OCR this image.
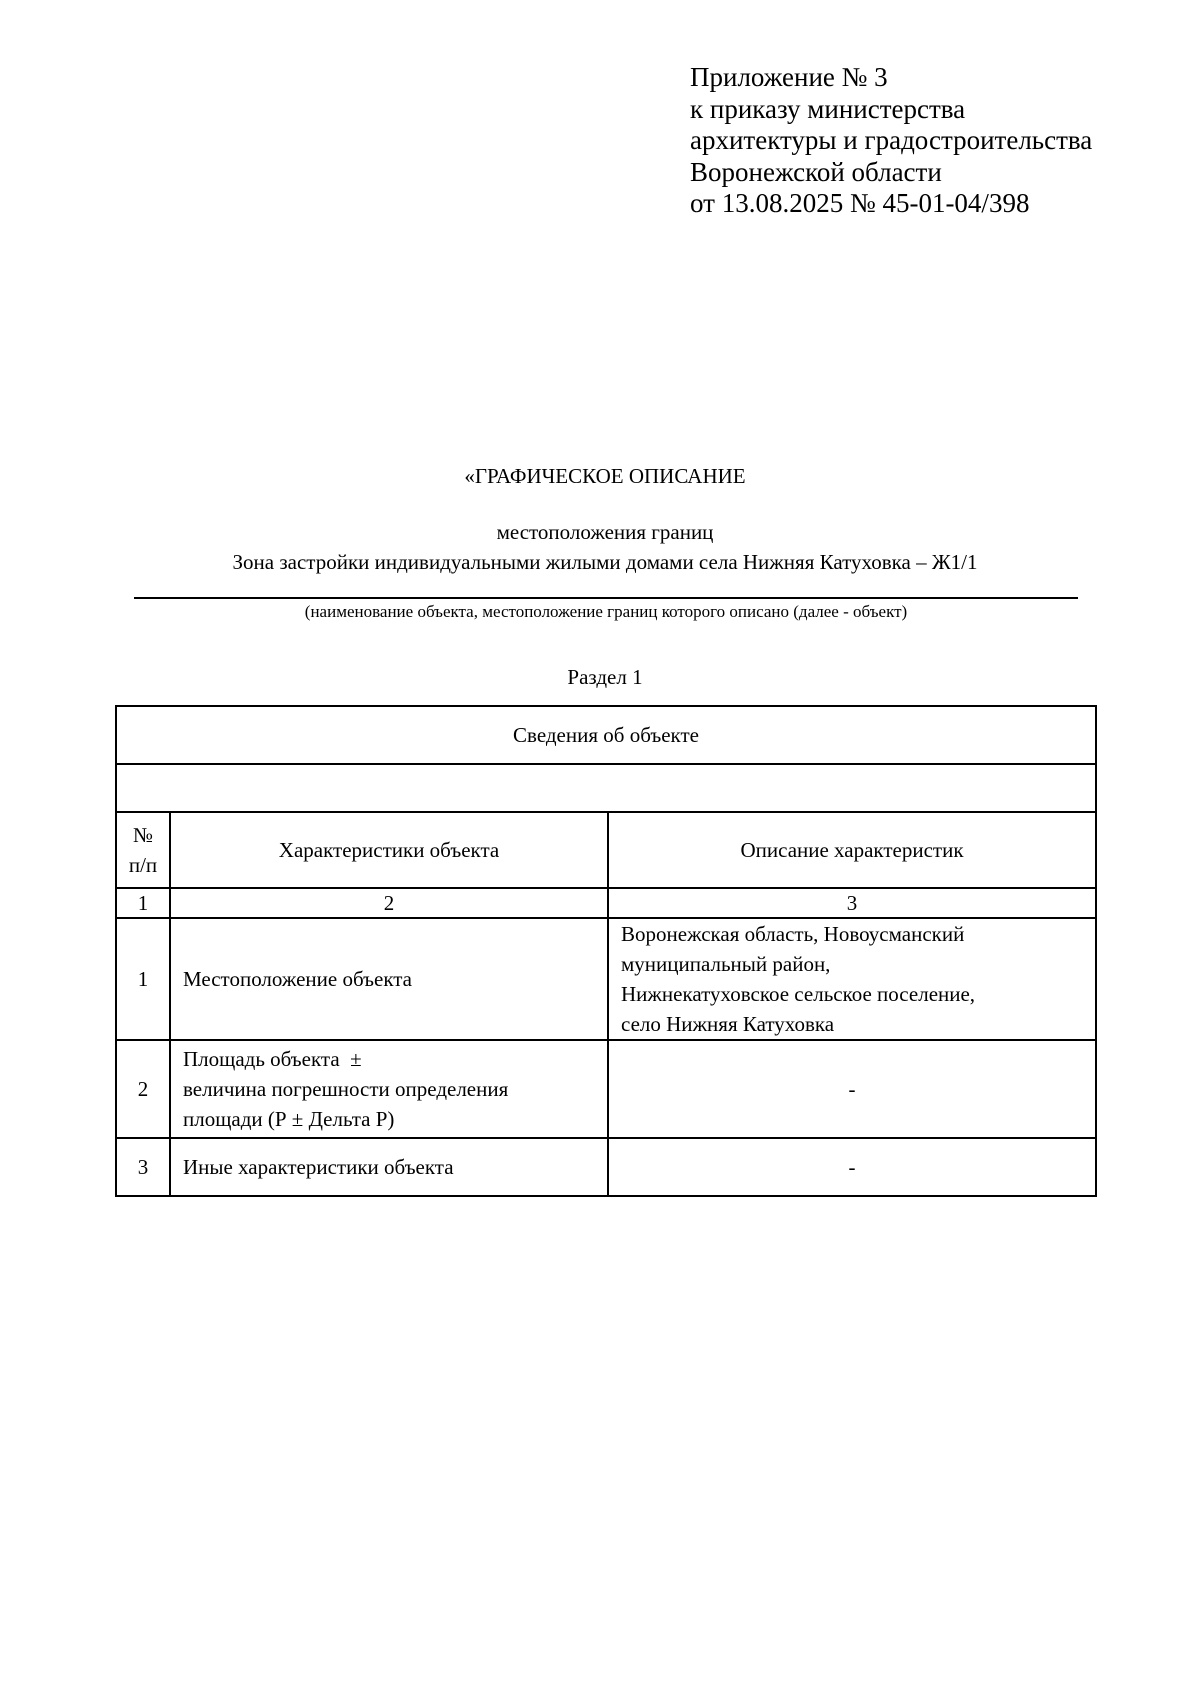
Приложение № 3
к приказу министерства
архитектуры и градостроительства
Воронежской области
от 13.08.2025 № 45-01-04/398
«ГРАФИЧЕСКОЕ ОПИСАНИЕ
местоположения границ
Зона застройки индивидуальными жилыми домами села Нижняя Катуховка – Ж1/1
(наименование объекта, местоположение границ которого описано (далее - объект)
Раздел 1
Сведения об объекте		

№
п/п	Характеристики объекта	Описание характеристик
1	2	3
1	Местоположение объекта	Воронежская область, Новоусманский
муниципальный район,
Нижнекатуховское сельское поселение,
село Нижняя Катуховка

2	Площадь объекта  ±
величина погрешности определения
площади (Р ± Дельта Р)	-

3	Иные характеристики объекта	-
